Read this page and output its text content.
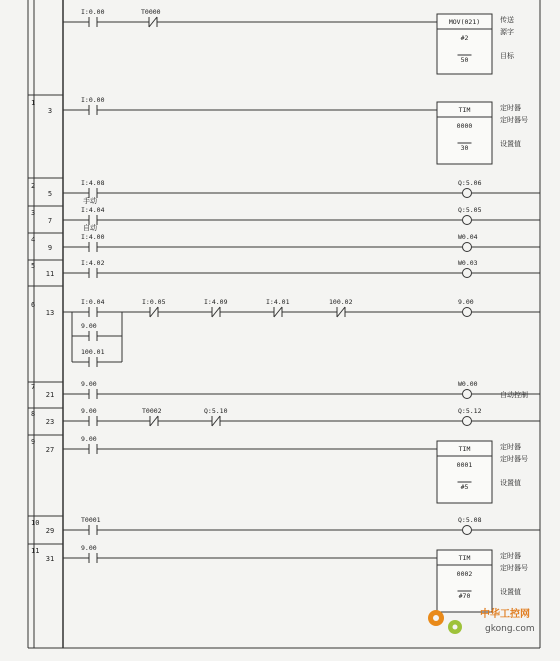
I:0.00	T0000
MOV(021)
#2
50
传送
源字
目标
1
3
I:0.00
TIM
0000
30
定时器
定时器号
设置值
2
5
I:4.08
手动
Q:5.06
3
7
I:4.04
自动
Q:5.05
4
9
I:4.00	W0.04
5
11
I:4.02	W0.03
6
13
I:0.04	I:0.05	I:4.09	I:4.01	100.02
9.00
100.01
9.00
7
21
9.00	W0.00
自动控制
8
23
9.00	T0002	Q:5.10	Q:5.12
9
27
9.00
TIM
0001
#5
定时器
定时器号
设置值
10
29
T0001	Q:5.08
11
31
9.00
TIM
0002
#70
定时器
定时器号
设置值
中华工控网
gkong.com
